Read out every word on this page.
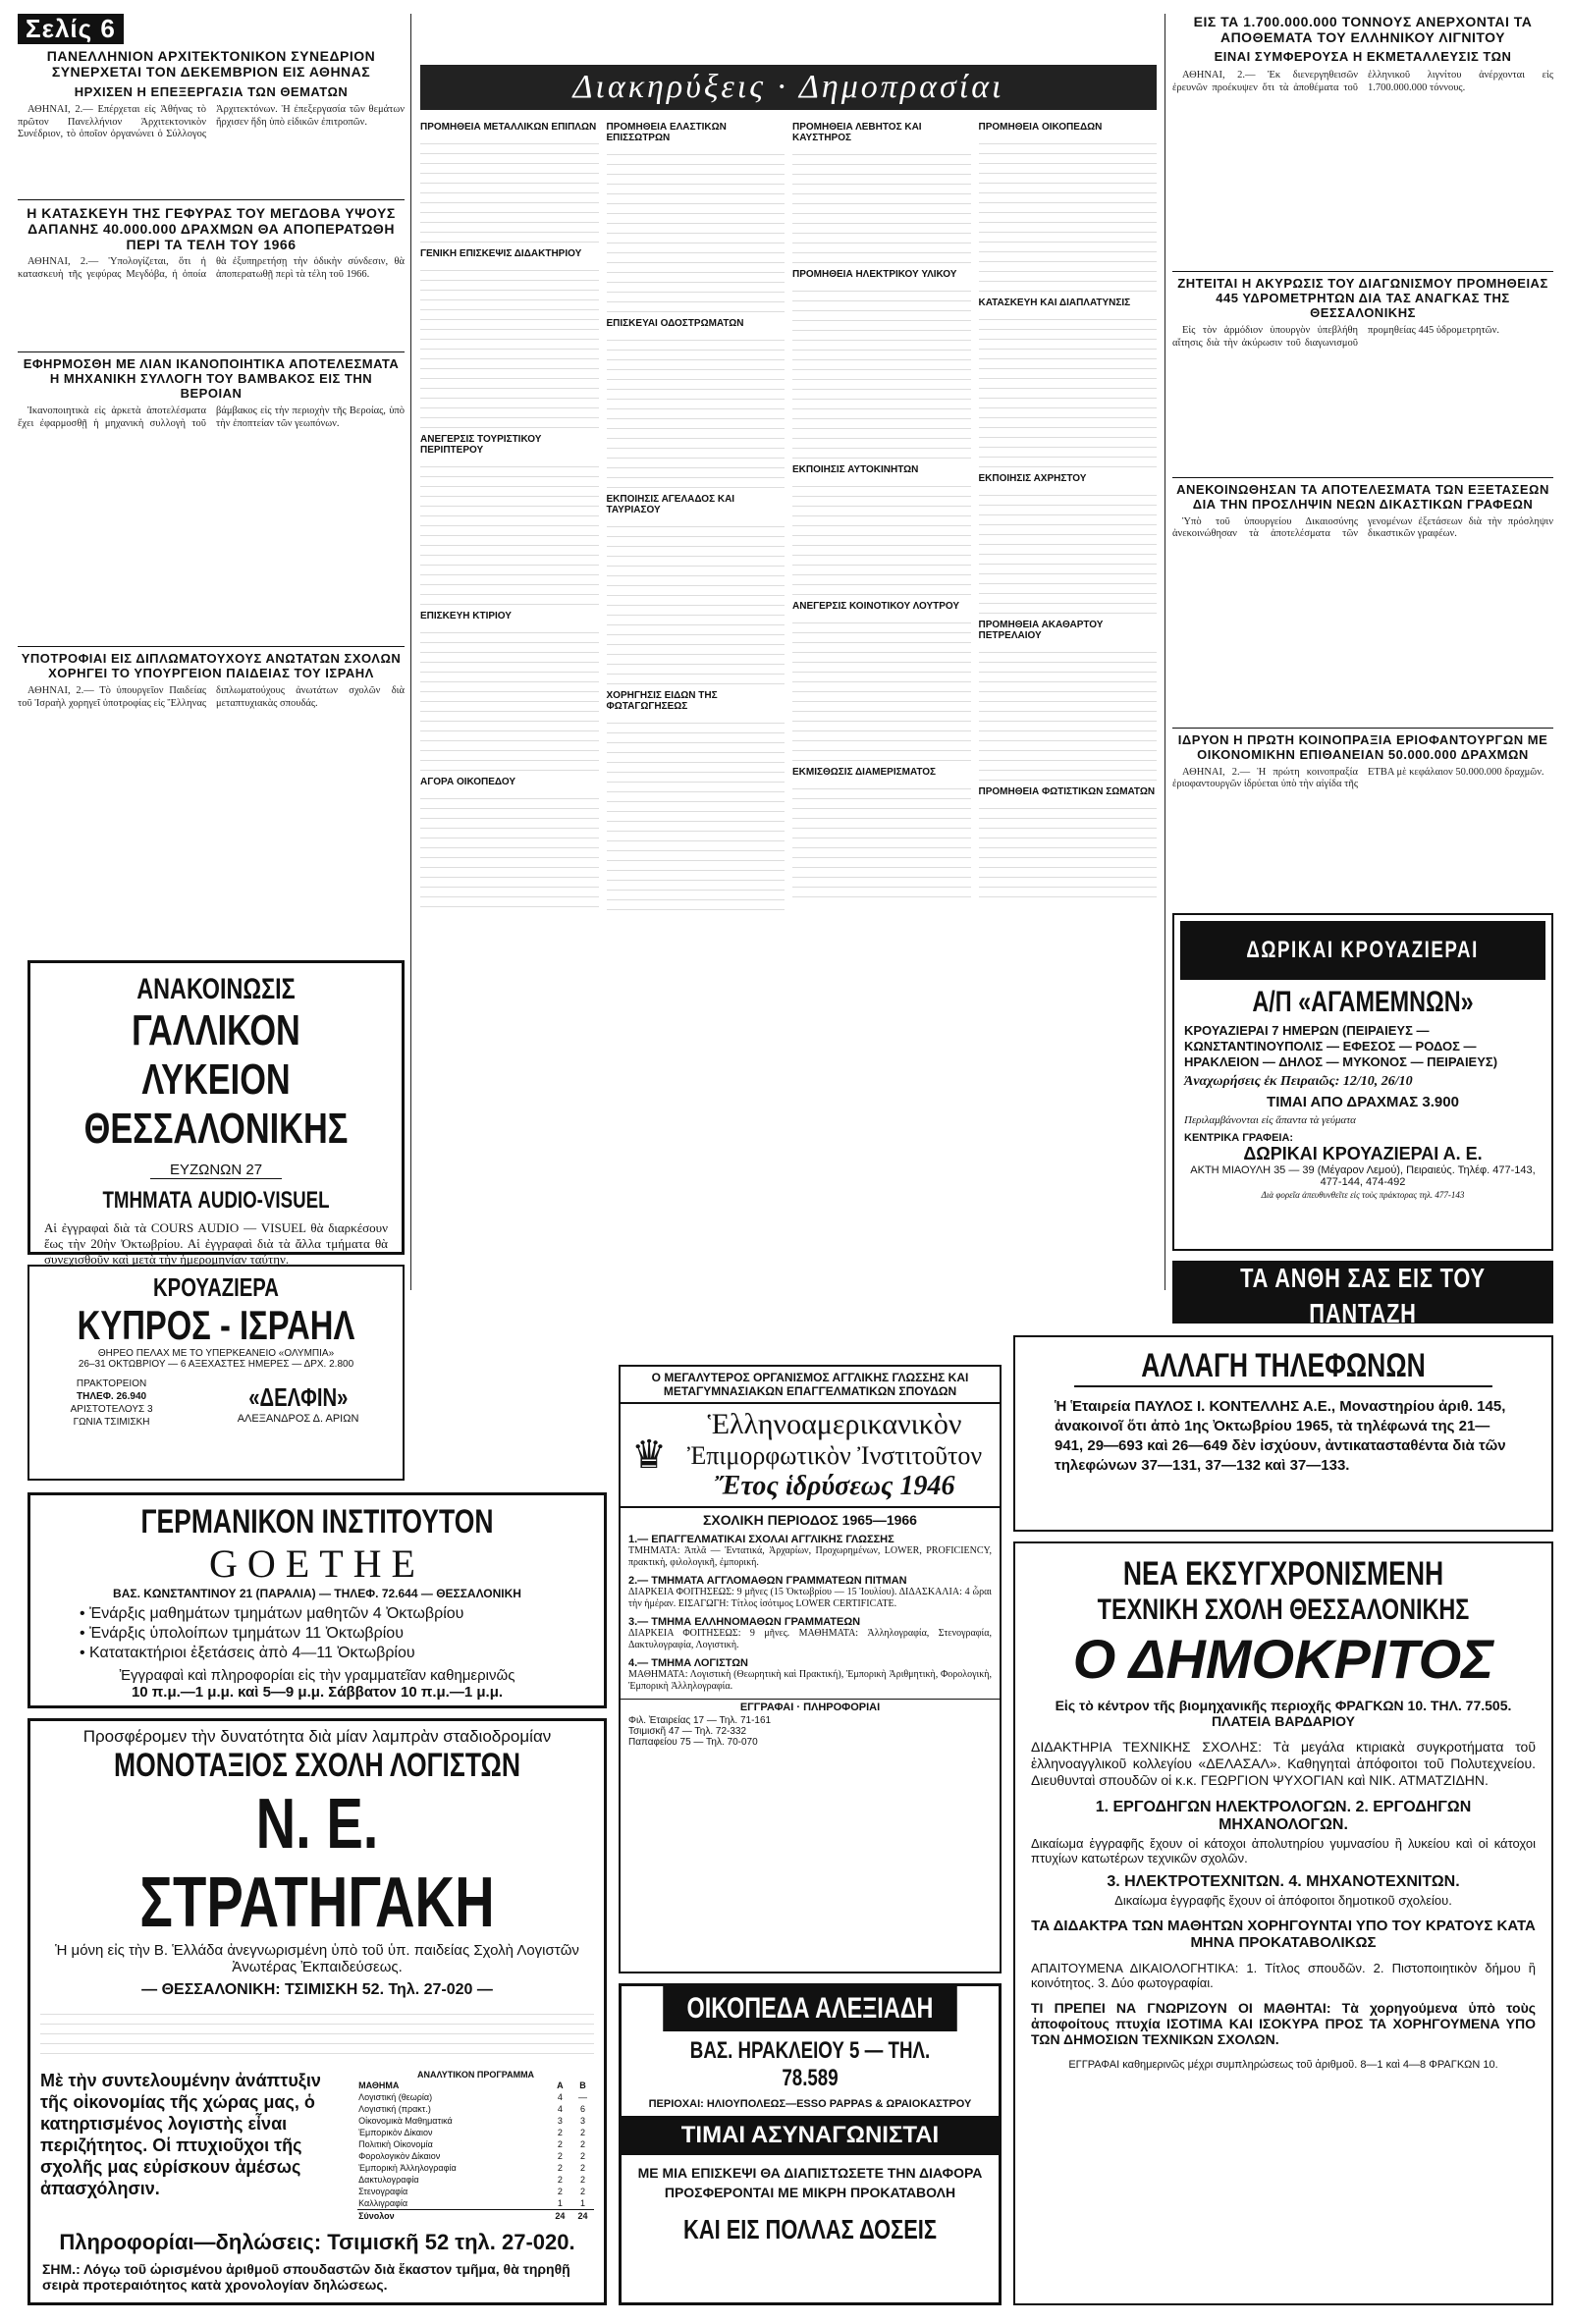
Σελίς 6
ΠΑΝΕΛΛΗΝΙΟΝ ΑΡΧΙΤΕΚΤΟΝΙΚΟΝ ΣΥΝΕΔΡΙΟΝ ΣΥΝΕΡΧΕΤΑΙ ΤΟΝ ΔΕΚΕΜΒΡΙΟΝ ΕΙΣ ΑΘΗΝΑΣ
ΗΡΧΙΣΕΝ Η ΕΠΕΞΕΡΓΑΣΙΑ ΤΩΝ ΘΕΜΑΤΩΝ

ΑΘΗΝΑΙ, 2.— Επέρχεται εἰς Ἀθήνας τὸ πρῶτον Πανελλήνιον Ἀρχιτεκτονικὸν Συνέδριον, τὸ ὁποῖον ὀργανώνει ὁ Σύλλογος Ἀρχιτεκτόνων. Ἡ ἐπεξεργασία τῶν θεμάτων ἤρχισεν ἤδη ὑπὸ εἰδικῶν ἐπιτροπῶν.

Η ΚΑΤΑΣΚΕΥΗ ΤΗΣ ΓΕΦΥΡΑΣ ΤΟΥ ΜΕΓΔΟΒΑ ΥΨΟΥΣ ΔΑΠΑΝΗΣ 40.000.000 ΔΡΑΧΜΩΝ ΘΑ ΑΠΟΠΕΡΑΤΩΘΗ ΠΕΡΙ ΤΑ ΤΕΛΗ ΤΟΥ 1966

ΑΘΗΝΑΙ, 2.— Ὑπολογίζεται, ὅτι ἡ κατασκευὴ τῆς γεφύρας Μεγδόβα, ἡ ὁποία θὰ ἐξυπηρετήσῃ τὴν ὁδικὴν σύνδεσιν, θὰ ἀποπερατωθῇ περὶ τὰ τέλη τοῦ 1966.

ΕΦΗΡΜΟΣΘΗ ΜΕ ΛΙΑΝ ΙΚΑΝΟΠΟΙΗΤΙΚΑ ΑΠΟΤΕΛΕΣΜΑΤΑ Η ΜΗΧΑΝΙΚΗ ΣΥΛΛΟΓΗ ΤΟΥ ΒΑΜΒΑΚΟΣ ΕΙΣ ΤΗΝ ΒΕΡΟΙΑΝ

Ἱκανοποιητικὰ εἰς ἀρκετὰ ἀποτελέσματα ἔχει ἐφαρμοσθῇ ἡ μηχανικὴ συλλογὴ τοῦ βάμβακος εἰς τὴν περιοχὴν τῆς Βεροίας, ὑπὸ τὴν ἐποπτείαν τῶν γεωπόνων.

ΥΠΟΤΡΟΦΙΑΙ ΕΙΣ ΔΙΠΛΩΜΑΤΟΥΧΟΥΣ ΑΝΩΤΑΤΩΝ ΣΧΟΛΩΝ ΧΟΡΗΓΕΙ ΤΟ ΥΠΟΥΡΓΕΙΟΝ ΠΑΙΔΕΙΑΣ ΤΟΥ ΙΣΡΑΗΛ

ΑΘΗΝΑΙ, 2.— Τὸ ὑπουργεῖον Παιδείας τοῦ Ἰσραὴλ χορηγεῖ ὑποτροφίας εἰς Ἕλληνας διπλωματούχους ἀνωτάτων σχολῶν διὰ μεταπτυχιακὰς σπουδάς.

Διακηρύξεις · Δημοπρασίαι
ΠΡΟΜΗΘΕΙΑ ΜΕΤΑΛΛΙΚΩΝ ΕΠΙΠΛΩΝ
ΓΕΝΙΚΗ ΕΠΙΣΚΕΨΙΣ ΔΙΔΑΚΤΗΡΙΟΥ
ΑΝΕΓΕΡΣΙΣ ΤΟΥΡΙΣΤΙΚΟΥ ΠΕΡΙΠΤΕΡΟΥ
ΕΠΙΣΚΕΥΗ ΚΤΙΡΙΟΥ
ΑΓΟΡΑ ΟΙΚΟΠΕΔΟΥ
ΠΡΟΜΗΘΕΙΑ ΕΛΑΣΤΙΚΩΝ ΕΠΙΣΣΩΤΡΩΝ
ΕΠΙΣΚΕΥΑΙ ΟΔΟΣΤΡΩΜΑΤΩΝ
ΕΚΠΟΙΗΣΙΣ ΑΓΕΛΑΔΟΣ ΚΑΙ ΤΑΥΡΙΑΣΟΥ
ΧΟΡΗΓΗΣΙΣ ΕΙΔΩΝ ΤΗΣ ΦΩΤΑΓΩΓΗΣΕΩΣ
ΠΡΟΜΗΘΕΙΑ ΛΕΒΗΤΟΣ ΚΑΙ ΚΑΥΣΤΗΡΟΣ
ΠΡΟΜΗΘΕΙΑ ΗΛΕΚΤΡΙΚΟΥ ΥΛΙΚΟΥ
ΕΚΠΟΙΗΣΙΣ ΑΥΤΟΚΙΝΗΤΩΝ
ΑΝΕΓΕΡΣΙΣ ΚΟΙΝΟΤΙΚΟΥ ΛΟΥΤΡΟΥ
ΕΚΜΙΣΘΩΣΙΣ ΔΙΑΜΕΡΙΣΜΑΤΟΣ
ΠΡΟΜΗΘΕΙΑ ΟΙΚΟΠΕΔΩΝ
ΚΑΤΑΣΚΕΥΗ ΚΑΙ ΔΙΑΠΛΑΤΥΝΣΙΣ
ΕΚΠΟΙΗΣΙΣ ΑΧΡΗΣΤΟΥ
ΠΡΟΜΗΘΕΙΑ ΑΚΑΘΑΡΤΟΥ ΠΕΤΡΕΛΑΙΟΥ
ΠΡΟΜΗΘΕΙΑ ΦΩΤΙΣΤΙΚΩΝ ΣΩΜΑΤΩΝ
ΕΙΣ ΤΑ 1.700.000.000 ΤΟΝΝΟΥΣ ΑΝΕΡΧΟΝΤΑΙ ΤΑ ΑΠΟΘΕΜΑΤΑ ΤΟΥ ΕΛΛΗΝΙΚΟΥ ΛΙΓΝΙΤΟΥ
ΕΙΝΑΙ ΣΥΜΦΕΡΟΥΣΑ Η ΕΚΜΕΤΑΛΛΕΥΣΙΣ ΤΩΝ

ΑΘΗΝΑΙ, 2.— Ἐκ διενεργηθεισῶν ἐρευνῶν προέκυψεν ὅτι τὰ ἀποθέματα τοῦ ἑλληνικοῦ λιγνίτου ἀνέρχονται εἰς 1.700.000.000 τόννους.

ΖΗΤΕΙΤΑΙ Η ΑΚΥΡΩΣΙΣ ΤΟΥ ΔΙΑΓΩΝΙΣΜΟΥ ΠΡΟΜΗΘΕΙΑΣ 445 ΥΔΡΟΜΕΤΡΗΤΩΝ ΔΙΑ ΤΑΣ ΑΝΑΓΚΑΣ ΤΗΣ ΘΕΣΣΑΛΟΝΙΚΗΣ

Εἰς τὸν ἁρμόδιον ὑπουργὸν ὑπεβλήθη αἴτησις διὰ τὴν ἀκύρωσιν τοῦ διαγωνισμοῦ προμηθείας 445 ὑδρομετρητῶν.

ΑΝΕΚΟΙΝΩΘΗΣΑΝ ΤΑ ΑΠΟΤΕΛΕΣΜΑΤΑ ΤΩΝ ΕΞΕΤΑΣΕΩΝ ΔΙΑ ΤΗΝ ΠΡΟΣΛΗΨΙΝ ΝΕΩΝ ΔΙΚΑΣΤΙΚΩΝ ΓΡΑΦΕΩΝ

Ὑπὸ τοῦ ὑπουργείου Δικαιοσύνης ἀνεκοινώθησαν τὰ ἀποτελέσματα τῶν γενομένων ἐξετάσεων διὰ τὴν πρόσληψιν δικαστικῶν γραφέων.

ΙΔΡΥΟΝ Η ΠΡΩΤΗ ΚΟΙΝΟΠΡΑΞΙΑ ΕΡΙΟΦΑΝΤΟΥΡΓΩΝ ΜΕ ΟΙΚΟΝΟΜΙΚΗΝ ΕΠΙΘΑΝΕΙΑΝ 50.000.000 ΔΡΑΧΜΩΝ

ΑΘΗΝΑΙ, 2.— Ἡ πρώτη κοινοπραξία ἐριοφαντουργῶν ἱδρύεται ὑπὸ τὴν αἰγίδα τῆς ΕΤΒΑ μὲ κεφάλαιον 50.000.000 δραχμῶν.

ΑΝΑΚΟΙΝΩΣΙΣ
ΓΑΛΛΙΚΟΝ ΛΥΚΕΙΟΝ
ΘΕΣΣΑΛΟΝΙΚΗΣ
ΕΥΖΩΝΩΝ 27
ΤΜΗΜΑΤΑ AUDIO-VISUEL
Αἱ ἐγγραφαὶ διὰ τὰ COURS AUDIO — VISUEL θὰ διαρκέσουν ἕως τὴν 20ὴν Ὀκτωβρίου. Αἱ ἐγγραφαὶ διὰ τὰ ἄλλα τμήματα θὰ συνεχισθοῦν καὶ μετὰ τὴν ἡμερομηνίαν ταύτην.
ΚΡΟΥΑΖΙΕΡΑ
ΚΥΠΡΟΣ - ΙΣΡΑΗΛ
ΘΗΡΕΟ ΠΕΛΑΧ ΜΕ ΤΟ ΥΠΕΡΚΕΑΝΕΙΟ «ΟΛΥΜΠΙΑ»
26–31 ΟΚΤΩΒΡΙΟΥ — 6 ΑΞΕΧΑΣΤΕΣ ΗΜΕΡΕΣ — ΔΡΧ. 2.800
ΠΡΑΚΤΟΡΕΙΟΝ
ΤΗΛΕΦ. 26.940
ΑΡΙΣΤΟΤΕΛΟΥΣ 3
ΓΩΝΙΑ ΤΣΙΜΙΣΚΗ
«ΔΕΛΦΙΝ»
ΑΛΕΞΑΝΔΡΟΣ Δ. ΑΡΙΩΝ
ΓΕΡΜΑΝΙΚΟΝ ΙΝΣΤΙΤΟΥΤΟΝ
GOETHE
ΒΑΣ. ΚΩΝΣΤΑΝΤΙΝΟΥ 21 (ΠΑΡΑΛΙΑ) — ΤΗΛΕΦ. 72.644 — ΘΕΣΣΑΛΟΝΙΚΗ
• Ἐνάρξις μαθημάτων τμημάτων μαθητῶν 4 Ὀκτωβρίου
• Ἐνάρξις ὑπολοίπων τμημάτων 11 Ὀκτωβρίου
• Κατατακτήριοι ἐξετάσεις ἀπὸ 4—11 Ὀκτωβρίου
Ἐγγραφαὶ καὶ πληροφορίαι εἰς τὴν γραμματεῖαν καθημερινῶς
10 π.μ.—1 μ.μ. καὶ 5—9 μ.μ. Σάββατον 10 π.μ.—1 μ.μ.
Προσφέρομεν τὴν δυνατότητα διὰ μίαν λαμπρὰν σταδιοδρομίαν
ΜΟΝΟΤΑΞΙΟΣ ΣΧΟΛΗ ΛΟΓΙΣΤΩΝ
Ν. Ε. ΣΤΡΑΤΗΓΑΚΗ
Ἡ μόνη εἰς τὴν Β. Ἑλλάδα ἀνεγνωρισμένη ὑπὸ τοῦ ὑπ. παιδείας Σχολὴ Λογιστῶν Ἀνωτέρας Ἐκπαιδεύσεως.
— ΘΕΣΣΑΛΟΝΙΚΗ: ΤΣΙΜΙΣΚΗ 52. Τηλ. 27-020 —
Μὲ τὴν συντελουμένην ἀνάπτυξιν τῆς οἰκονομίας τῆς χώρας μας, ὁ κατηρτισμένος λογιστὴς εἶναι περιζήτητος. Οἱ πτυχιοῦχοι τῆς σχολῆς μας εὐρίσκουν ἀμέσως ἀπασχόλησιν.
ΑΝΑΛΥΤΙΚΟΝ ΠΡΟΓΡΑΜΜΑ
ΜΑΘΗΜΑ	Α	Β
Λογιστική (θεωρία)	4	—
Λογιστική (πρακτ.)	4	6
Οἰκονομικὰ Μαθηματικά	3	3
Ἐμπορικὸν Δίκαιον	2	2
Πολιτικὴ Οἰκονομία	2	2
Φορολογικὸν Δίκαιον	2	2
Ἐμπορικὴ Ἀλληλογραφία	2	2
Δακτυλογραφία	2	2
Στενογραφία	2	2
Καλλιγραφία	1	1
Σύνολον	24	24
Πληροφορίαι—δηλώσεις: Τσιμισκῆ 52 τηλ. 27-020.
ΣΗΜ.: Λόγῳ τοῦ ὡρισμένου ἀριθμοῦ σπουδαστῶν διὰ ἕκαστον τμῆμα, θὰ τηρηθῇ σειρὰ προτεραιότητος κατὰ χρονολογίαν δηλώσεως.
Ο ΜΕΓΑΛΥΤΕΡΟΣ ΟΡΓΑΝΙΣΜΟΣ ΑΓΓΛΙΚΗΣ ΓΛΩΣΣΗΣ ΚΑΙ ΜΕΤΑΓΥΜΝΑΣΙΑΚΩΝ ΕΠΑΓΓΕΛΜΑΤΙΚΩΝ ΣΠΟΥΔΩΝ
♛
Ἑλληνοαμερικανικὸν
Ἐπιμορφωτικὸν Ἰνστιτοῦτον
Ἔτος ἱδρύσεως 1946
ΣΧΟΛΙΚΗ ΠΕΡΙΟΔΟΣ 1965—1966
1.— ΕΠΑΓΓΕΛΜΑΤΙΚΑΙ ΣΧΟΛΑΙ ΑΓΓΛΙΚΗΣ ΓΛΩΣΣΗΣ
ΤΜΗΜΑΤΑ: Ἀπλᾶ — Ἐντατικά, Ἀρχαρίων, Προχωρημένων, LOWER, PROFICIENCY, πρακτικὴ, φιλολογικῆ, ἐμπορική.
2.— ΤΜΗΜΑΤΑ ΑΓΓΛΟΜΑΘΩΝ ΓΡΑΜΜΑΤΕΩΝ ΠΙΤΜΑΝ
ΔΙΑΡΚΕΙΑ ΦΟΙΤΗΣΕΩΣ: 9 μῆνες (15 Ὀκτωβρίου — 15 Ἰουλίου). ΔΙΔΑΣΚΑΛΙΑ: 4 ὧραι τὴν ἡμέραν. ΕΙΣΑΓΩΓΗ: Τίτλος ἰσότιμος LOWER CERTIFICATE.
3.— ΤΜΗΜΑ ΕΛΛΗΝΟΜΑΘΩΝ ΓΡΑΜΜΑΤΕΩΝ
ΔΙΑΡΚΕΙΑ ΦΟΙΤΗΣΕΩΣ: 9 μῆνες. ΜΑΘΗΜΑΤΑ: Ἀλληλογραφία, Στενογραφία, Δακτυλογραφία, Λογιστικὴ.
4.— ΤΜΗΜΑ ΛΟΓΙΣΤΩΝ
ΜΑΘΗΜΑΤΑ: Λογιστικὴ (Θεωρητικὴ καὶ Πρακτική), Ἐμπορικὴ Ἀριθμητικὴ, Φορολογικὴ, Ἐμπορικὴ Ἀλληλογραφία.
ΕΓΓΡΑΦΑΙ · ΠΛΗΡΟΦΟΡΙΑΙ
Φιλ. Ἐταιρείας 17 — Τηλ. 71-161
Τσιμισκῆ 47 — Τηλ. 72-332
Παπαφείου 75 — Τηλ. 70-070
ΟΙΚΟΠΕΔΑ ΑΛΕΞΙΑΔΗ
ΒΑΣ. ΗΡΑΚΛΕΙΟΥ 5 — ΤΗΛ. 78.589
ΠΕΡΙΟΧΑΙ: ΗΛΙΟΥΠΟΛΕΩΣ—ESSO PAPPAS & ΩΡΑΙΟΚΑΣΤΡΟΥ
ΤΙΜΑΙ ΑΣΥΝΑΓΩΝΙΣΤΑΙ
ΜΕ ΜΙΑ ΕΠΙΣΚΕΨΙ ΘΑ ΔΙΑΠΙΣΤΩΣΕΤΕ ΤΗΝ ΔΙΑΦΟΡΑ
ΠΡΟΣΦΕΡΟΝΤΑΙ ΜΕ ΜΙΚΡΗ ΠΡΟΚΑΤΑΒΟΛΗ
ΚΑΙ ΕΙΣ ΠΟΛΛΑΣ ΔΟΣΕΙΣ
ΔΩΡΙΚΑΙ ΚΡΟΥΑΖΙΕΡΑΙ
Α/Π «ΑΓΑΜΕΜΝΩΝ»
ΚΡΟΥΑΖΙΕΡΑΙ 7 ΗΜΕΡΩΝ (ΠΕΙΡΑΙΕΥΣ — ΚΩΝΣΤΑΝΤΙΝΟΥΠΟΛΙΣ — ΕΦΕΣΟΣ — ΡΟΔΟΣ — ΗΡΑΚΛΕΙΟΝ — ΔΗΛΟΣ — ΜΥΚΟΝΟΣ — ΠΕΙΡΑΙΕΥΣ)
Ἀναχωρήσεις ἐκ Πειραιῶς: 12/10, 26/10
ΤΙΜΑΙ ΑΠΟ ΔΡΑΧΜΑΣ 3.900
Περιλαμβάνονται εἰς ἅπαντα τὰ γεύματα
ΚΕΝΤΡΙΚΑ ΓΡΑΦΕΙΑ:
ΔΩΡΙΚΑΙ ΚΡΟΥΑΖΙΕΡΑΙ Α. Ε.
ΑΚΤΗ ΜΙΑΟΥΛΗ 35 — 39 (Μέγαρον Λεμού), Πειραιεύς. Τηλέφ. 477-143, 477-144, 474-492
Διὰ φορεῖα ἀπευθυνθεῖτε εἰς τοὺς πράκτορας τηλ. 477-143
ΤΑ ΑΝΘΗ ΣΑΣ ΕΙΣ ΤΟΥ ΠΑΝΤΑΖΗ
ΝΕΑ ΜΕΓ. ΑΛΕΞΑΝΔΡΟΥ 100 — ΤΗΛ. 79.300
ΑΛΛΑΓΗ ΤΗΛΕΦΩΝΩΝ
Ἡ Ἑταιρεία ΠΑΥΛΟΣ Ι. ΚΟΝΤΕΛΛΗΣ Α.Ε., Μοναστηρίου ἀριθ. 145, ἀνακοινοῖ ὅτι ἀπὸ 1ης Ὀκτωβρίου 1965, τὰ τηλέφωνά της 21—941, 29—693 καὶ 26—649 δὲν ἰσχύουν, ἀντικατασταθέντα διὰ τῶν τηλεφώνων 37—131, 37—132 καὶ 37—133.
ΝΕΑ ΕΚΣΥΓΧΡΟΝΙΣΜΕΝΗ
ΤΕΧΝΙΚΗ ΣΧΟΛΗ ΘΕΣΣΑΛΟΝΙΚΗΣ
Ο ΔΗΜΟΚΡΙΤΟΣ
Εἰς τὸ κέντρον τῆς βιομηχανικῆς περιοχῆς ΦΡΑΓΚΩΝ 10. ΤΗΛ. 77.505. ΠΛΑΤΕΙΑ ΒΑΡΔΑΡΙΟΥ
ΔΙΔΑΚΤΗΡΙΑ ΤΕΧΝΙΚΗΣ ΣΧΟΛΗΣ: Τὰ μεγάλα κτιριακὰ συγκροτήματα τοῦ ἑλληνοαγγλικοῦ κολλεγίου «ΔΕΛΑΣΑΛ». Καθηγηταὶ ἀπόφοιτοι τοῦ Πολυτεχνείου. Διευθυνταὶ σπουδῶν οἱ κ.κ. ΓΕΩΡΓΙΟΝ ΨΥΧΟΓΙΑΝ καὶ ΝΙΚ. ΑΤΜΑΤΖΙΔΗΝ.
1. ΕΡΓΟΔΗΓΩΝ ΗΛΕΚΤΡΟΛΟΓΩΝ. 2. ΕΡΓΟΔΗΓΩΝ ΜΗΧΑΝΟΛΟΓΩΝ.
Δικαίωμα ἐγγραφῆς ἔχουν οἱ κάτοχοι ἀπολυτηρίου γυμνασίου ἢ λυκείου καὶ οἱ κάτοχοι πτυχίων κατωτέρων τεχνικῶν σχολῶν.
3. ΗΛΕΚΤΡΟΤΕΧΝΙΤΩΝ. 4. ΜΗΧΑΝΟΤΕΧΝΙΤΩΝ.
Δικαίωμα ἐγγραφῆς ἔχουν οἱ ἀπόφοιτοι δημοτικοῦ σχολείου.
ΤΑ ΔΙΔΑΚΤΡΑ ΤΩΝ ΜΑΘΗΤΩΝ ΧΟΡΗΓΟΥΝΤΑΙ ΥΠΟ ΤΟΥ ΚΡΑΤΟΥΣ ΚΑΤΑ ΜΗΝΑ ΠΡΟΚΑΤΑΒΟΛΙΚΩΣ
ΑΠΑΙΤΟΥΜΕΝΑ ΔΙΚΑΙΟΛΟΓΗΤΙΚΑ: 1. Τίτλος σπουδῶν. 2. Πιστοποιητικὸν δήμου ἢ κοινότητος. 3. Δύο φωτογραφίαι.
ΤΙ ΠΡΕΠΕΙ ΝΑ ΓΝΩΡΙΖΟΥΝ ΟΙ ΜΑΘΗΤΑΙ: Τὰ χορηγούμενα ὑπὸ τοὺς ἀποφοίτους πτυχία ΙΣΟΤΙΜΑ ΚΑΙ ΙΣΟΚΥΡΑ ΠΡΟΣ ΤΑ ΧΟΡΗΓΟΥΜΕΝΑ ΥΠΟ ΤΩΝ ΔΗΜΟΣΙΩΝ ΤΕΧΝΙΚΩΝ ΣΧΟΛΩΝ.
ΕΓΓΡΑΦΑΙ καθημερινῶς μέχρι συμπληρώσεως τοῦ ἀριθμοῦ. 8—1 καὶ 4—8 ΦΡΑΓΚΩΝ 10.
